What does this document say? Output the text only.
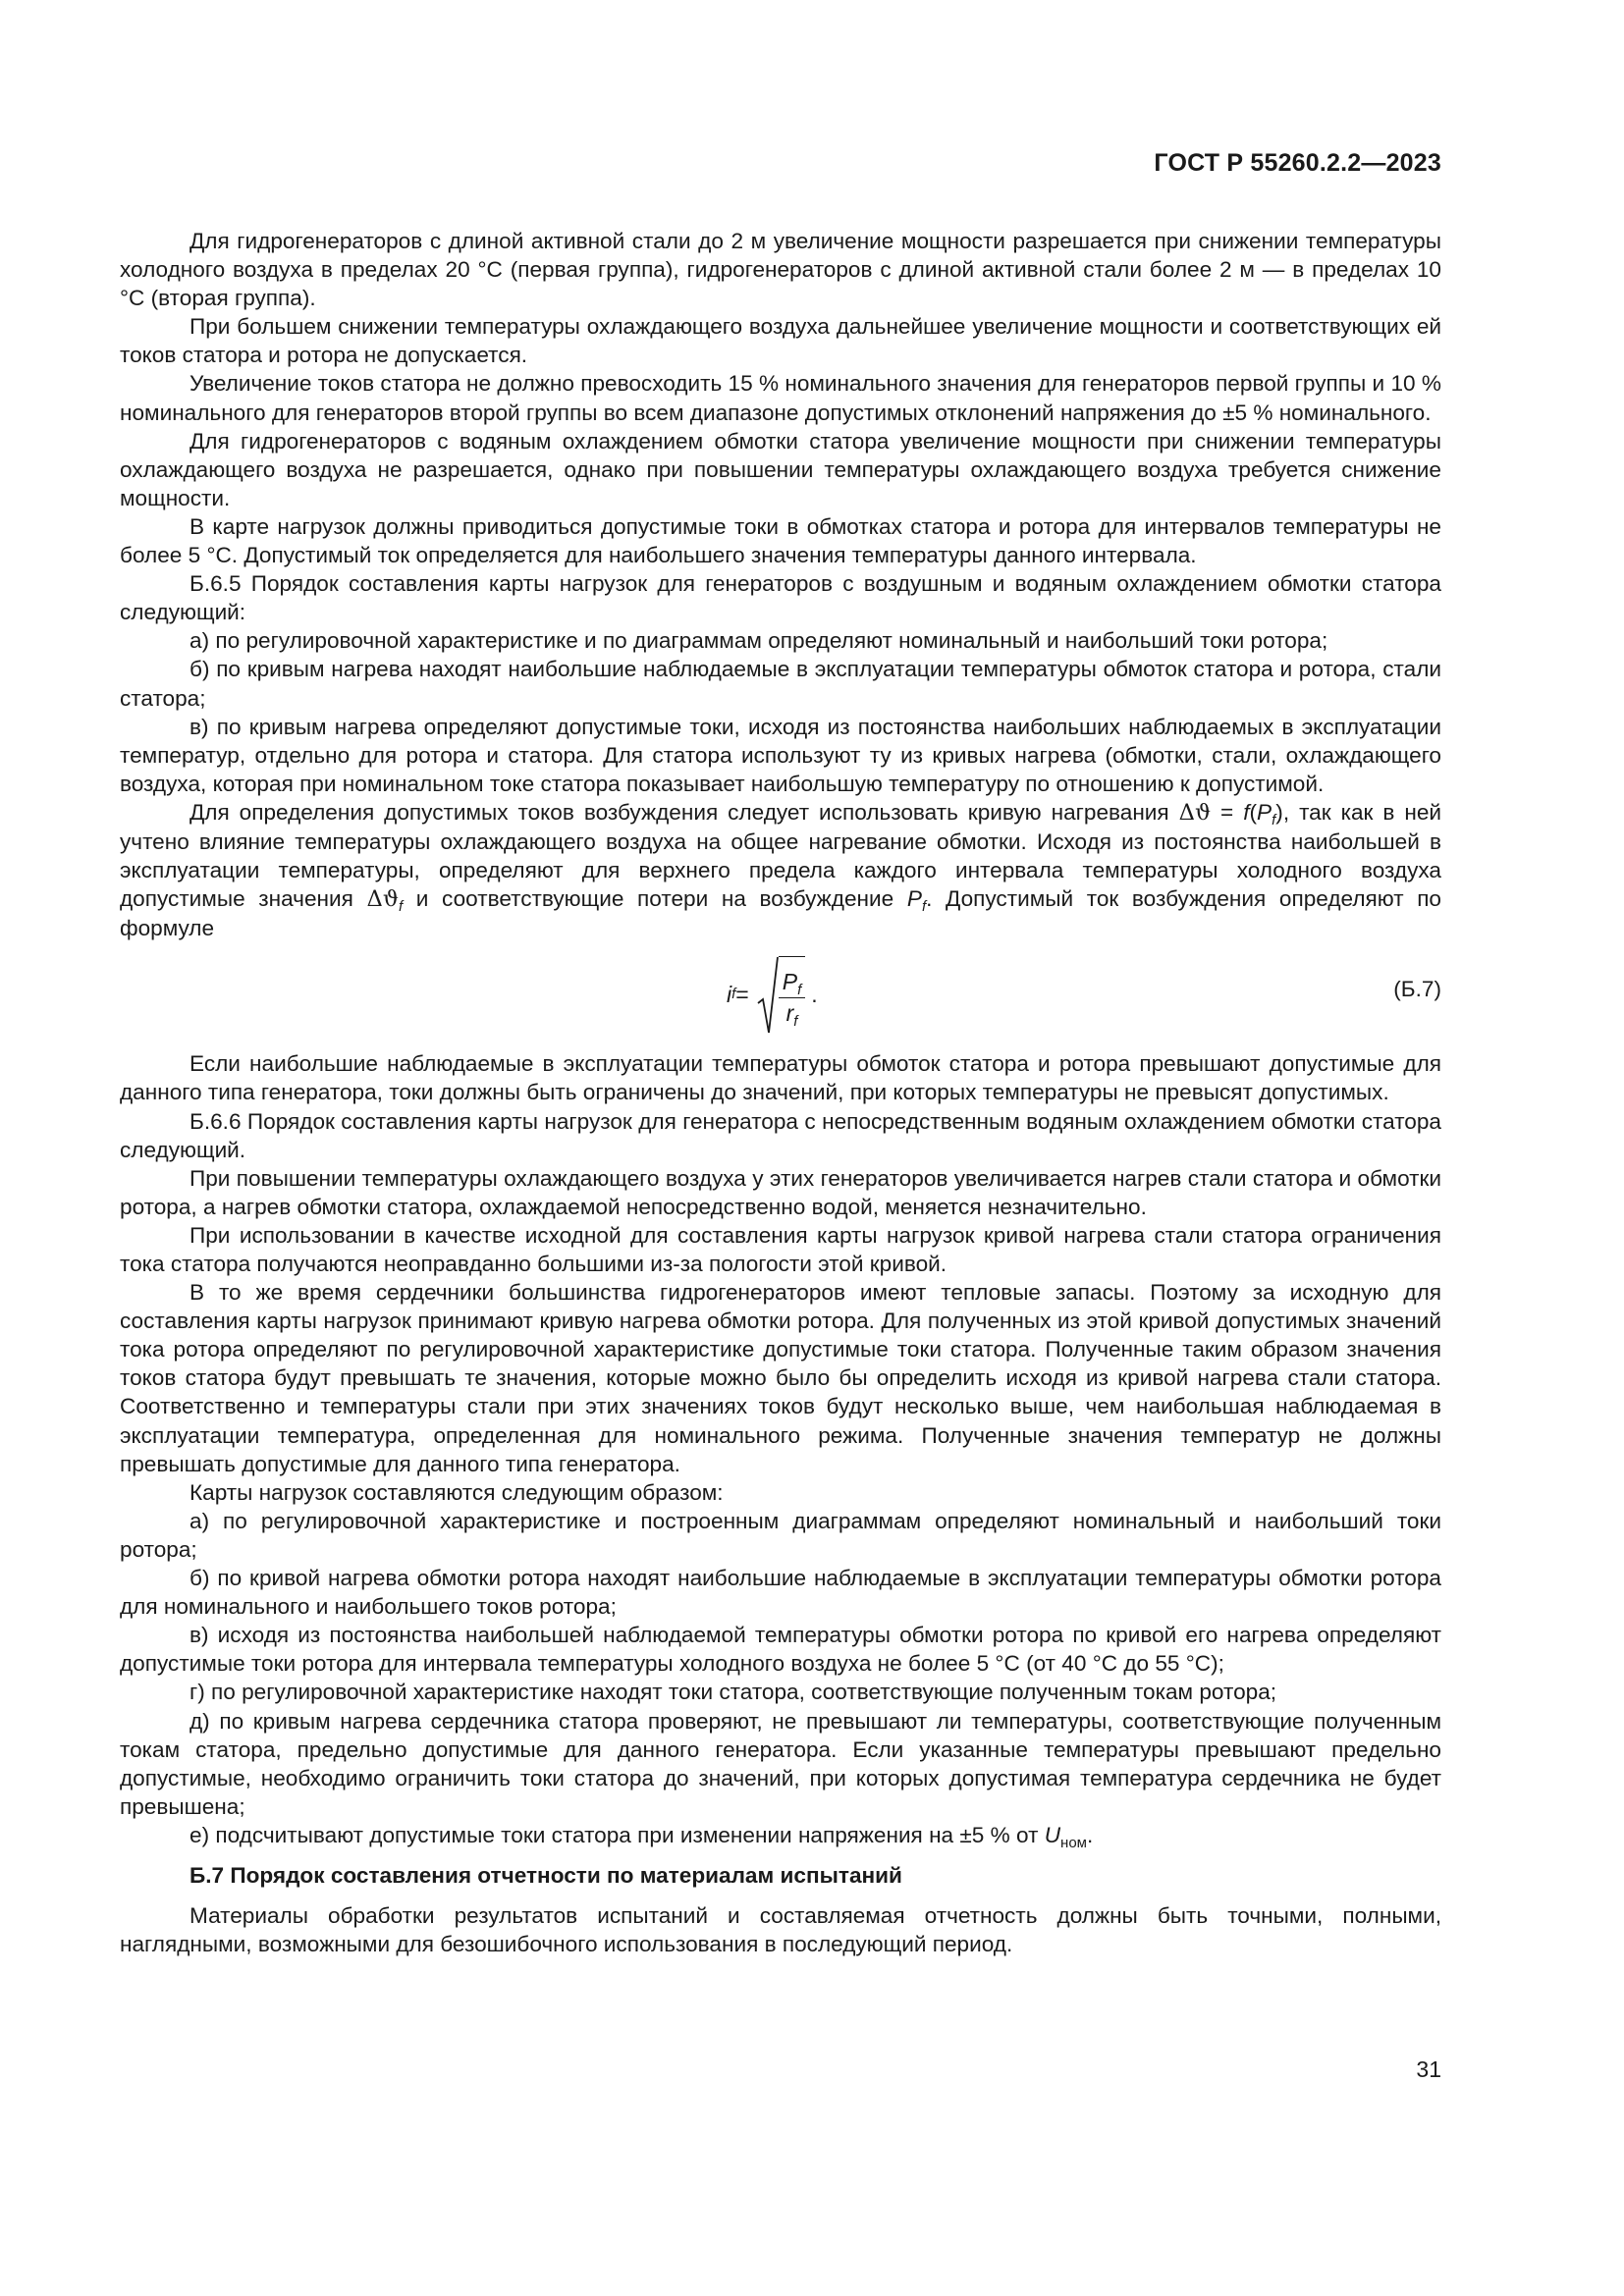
ГОСТ Р 55260.2.2—2023

Для гидрогенераторов с длиной активной стали до 2 м увеличение мощности разрешается при снижении температуры холодного воздуха в пределах 20 °С (первая группа), гидрогенераторов с длиной активной стали более 2 м — в пределах 10 °С (вторая группа).

При большем снижении температуры охлаждающего воздуха дальнейшее увеличение мощности и соответствующих ей токов статора и ротора не допускается.

Увеличение токов статора не должно превосходить 15 % номинального значения для генераторов первой группы и 10 % номинального для генераторов второй группы во всем диапазоне допустимых отклонений напряжения до ±5 % номинального.

Для гидрогенераторов с водяным охлаждением обмотки статора увеличение мощности при снижении температуры охлаждающего воздуха не разрешается, однако при повышении температуры охлаждающего воздуха требуется снижение мощности.

В карте нагрузок должны приводиться допустимые токи в обмотках статора и ротора для интервалов температуры не более 5 °С. Допустимый ток определяется для наибольшего значения температуры данного интервала.

Б.6.5 Порядок составления карты нагрузок для генераторов с воздушным и водяным охлаждением обмотки статора следующий:

а) по регулировочной характеристике и по диаграммам определяют номинальный и наибольший токи ротора;

б) по кривым нагрева находят наибольшие наблюдаемые в эксплуатации температуры обмоток статора и ротора, стали статора;

в) по кривым нагрева определяют допустимые токи, исходя из постоянства наибольших наблюдаемых в эксплуатации температур, отдельно для ротора и статора. Для статора используют ту из кривых нагрева (обмотки, стали, охлаждающего воздуха, которая при номинальном токе статора показывает наибольшую температуру по отношению к допустимой.

Для определения допустимых токов возбуждения следует использовать кривую нагревания $\Delta ϑ = f(P_f)$, так как в ней учтено влияние температуры охлаждающего воздуха на общее нагревание обмотки. Исходя из постоянства наибольшей в эксплуатации температуры, определяют для верхнего предела каждого интервала температуры холодного воздуха допустимые значения $\Delta ϑ_f$ и соответствующие потери на возбуждение $P_f$. Допустимый ток возбуждения определяют по формуле

i $f = \frac{P_f}{r_f}$ .	(Б.7)

Если наибольшие наблюдаемые в эксплуатации температуры обмоток статора и ротора превышают допустимые для данного типа генератора, токи должны быть ограничены до значений, при которых температуры не превысят допустимых.

Б.6.6 Порядок составления карты нагрузок для генератора с непосредственным водяным охлаждением обмотки статора следующий.

При повышении температуры охлаждающего воздуха у этих генераторов увеличивается нагрев стали статора и обмотки ротора, а нагрев обмотки статора, охлаждаемой непосредственно водой, меняется незначительно.

При использовании в качестве исходной для составления карты нагрузок кривой нагрева стали статора ограничения тока статора получаются неоправданно большими из-за пологости этой кривой.

В то же время сердечники большинства гидрогенераторов имеют тепловые запасы. Поэтому за исходную для составления карты нагрузок принимают кривую нагрева обмотки ротора. Для полученных из этой кривой допустимых значений тока ротора определяют по регулировочной характеристике допустимые токи статора. Полученные таким образом значения токов статора будут превышать те значения, которые можно было бы определить исходя из кривой нагрева стали статора. Соответственно и температуры стали при этих значениях токов будут несколько выше, чем наибольшая наблюдаемая в эксплуатации температура, определенная для номинального режима. Полученные значения температур не должны превышать допустимые для данного типа генератора.

Карты нагрузок составляются следующим образом:

а) по регулировочной характеристике и построенным диаграммам определяют номинальный и наибольший токи ротора;

б) по кривой нагрева обмотки ротора находят наибольшие наблюдаемые в эксплуатации температуры обмотки ротора для номинального и наибольшего токов ротора;

в) исходя из постоянства наибольшей наблюдаемой температуры обмотки ротора по кривой его нагрева определяют допустимые токи ротора для интервала температуры холодного воздуха не более 5 °С (от 40 °С до 55 °С);

г) по регулировочной характеристике находят токи статора, соответствующие полученным токам ротора;

д) по кривым нагрева сердечника статора проверяют, не превышают ли температуры, соответствующие полученным токам статора, предельно допустимые для данного генератора. Если указанные температуры превышают предельно допустимые, необходимо ограничить токи статора до значений, при которых допустимая температура сердечника не будет превышена;

е) подсчитывают допустимые токи статора при изменении напряжения на ±5 % от $U_{ном}$.

Б.7 Порядок составления отчетности по материалам испытаний

Материалы обработки результатов испытаний и составляемая отчетность должны быть точными, полными, наглядными, возможными для безошибочного использования в последующий период.

31
